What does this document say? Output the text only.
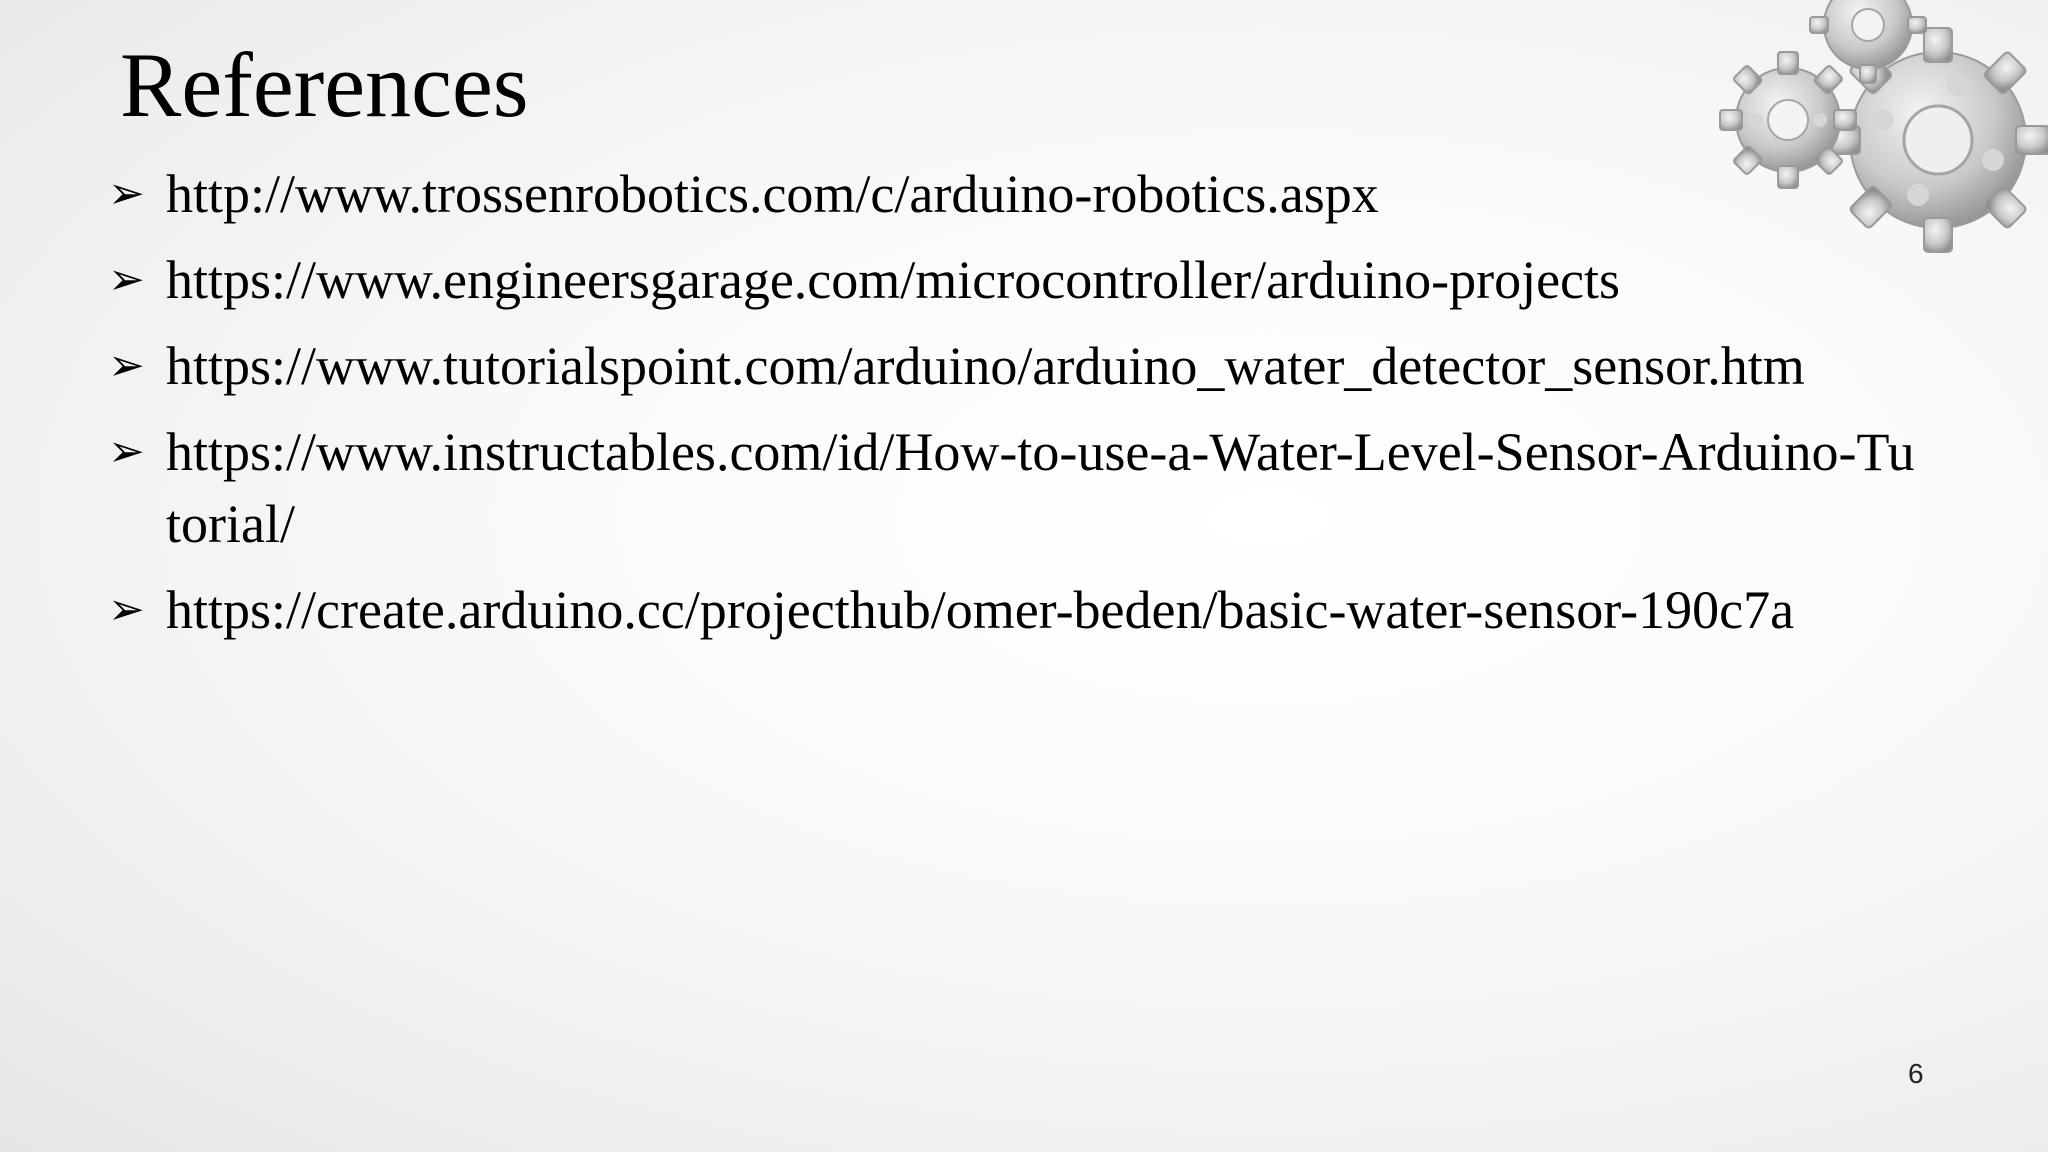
References
➢ http://www.trossenrobotics.com/c/arduino-robotics.aspx
➢ https://www.engineersgarage.com/microcontroller/arduino-projects
➢ https://www.tutorialspoint.com/arduino/arduino_water_detector_sensor.htm
➢ https://www.instructables.com/id/How-to-use-a-Water-Level-Sensor-Arduino-Tutorial/
➢ https://create.arduino.cc/projecthub/omer-beden/basic-water-sensor-190c7a
6
